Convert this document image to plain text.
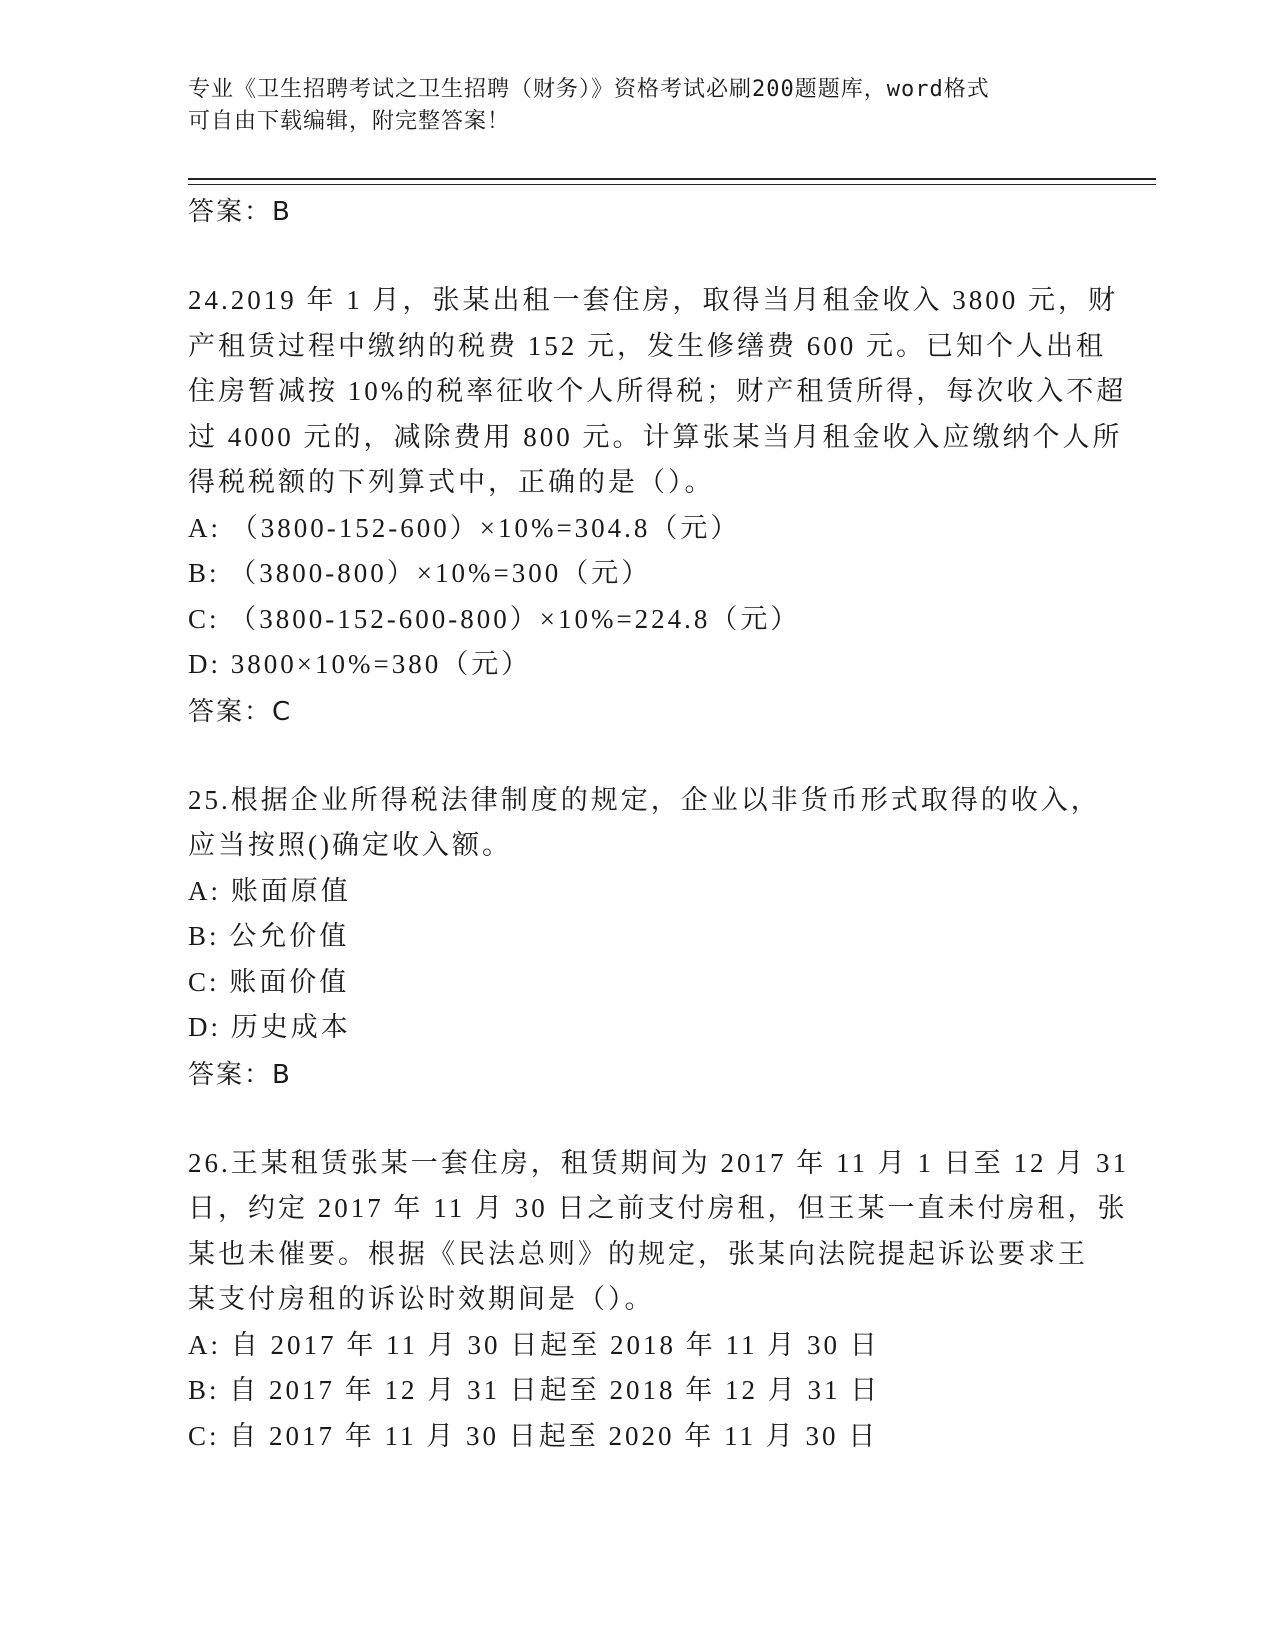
专业《卫生招聘考试之卫生招聘（财务）》资格考试必刷200题题库，word格式
可自由下载编辑，附完整答案！
答案：B

24.2019 年 1 月，张某出租一套住房，取得当月租金收入 3800 元，财

产租赁过程中缴纳的税费 152 元，发生修缮费 600 元。已知个人出租

住房暂减按 10%的税率征收个人所得税；财产租赁所得，每次收入不超

过 4000 元的，减除费用 800 元。计算张某当月租金收入应缴纳个人所

得税税额的下列算式中，正确的是（）。

A: （3800-152-600）×10%=304.8（元）
B: （3800-800）×10%=300（元）
C: （3800-152-600-800）×10%=224.8（元）
D: 3800×10%=380（元）
答案：C

25.根据企业所得税法律制度的规定，企业以非货币形式取得的收入，

应当按照()确定收入额。

A: 账面原值
B: 公允价值
C: 账面价值
D: 历史成本
答案：B

26.王某租赁张某一套住房，租赁期间为 2017 年 11 月 1 日至 12 月 31

日，约定 2017 年 11 月 30 日之前支付房租，但王某一直未付房租，张

某也未催要。根据《民法总则》的规定，张某向法院提起诉讼要求王

某支付房租的诉讼时效期间是（）。

A: 自 2017 年 11 月 30 日起至 2018 年 11 月 30 日
B: 自 2017 年 12 月 31 日起至 2018 年 12 月 31 日
C: 自 2017 年 11 月 30 日起至 2020 年 11 月 30 日
